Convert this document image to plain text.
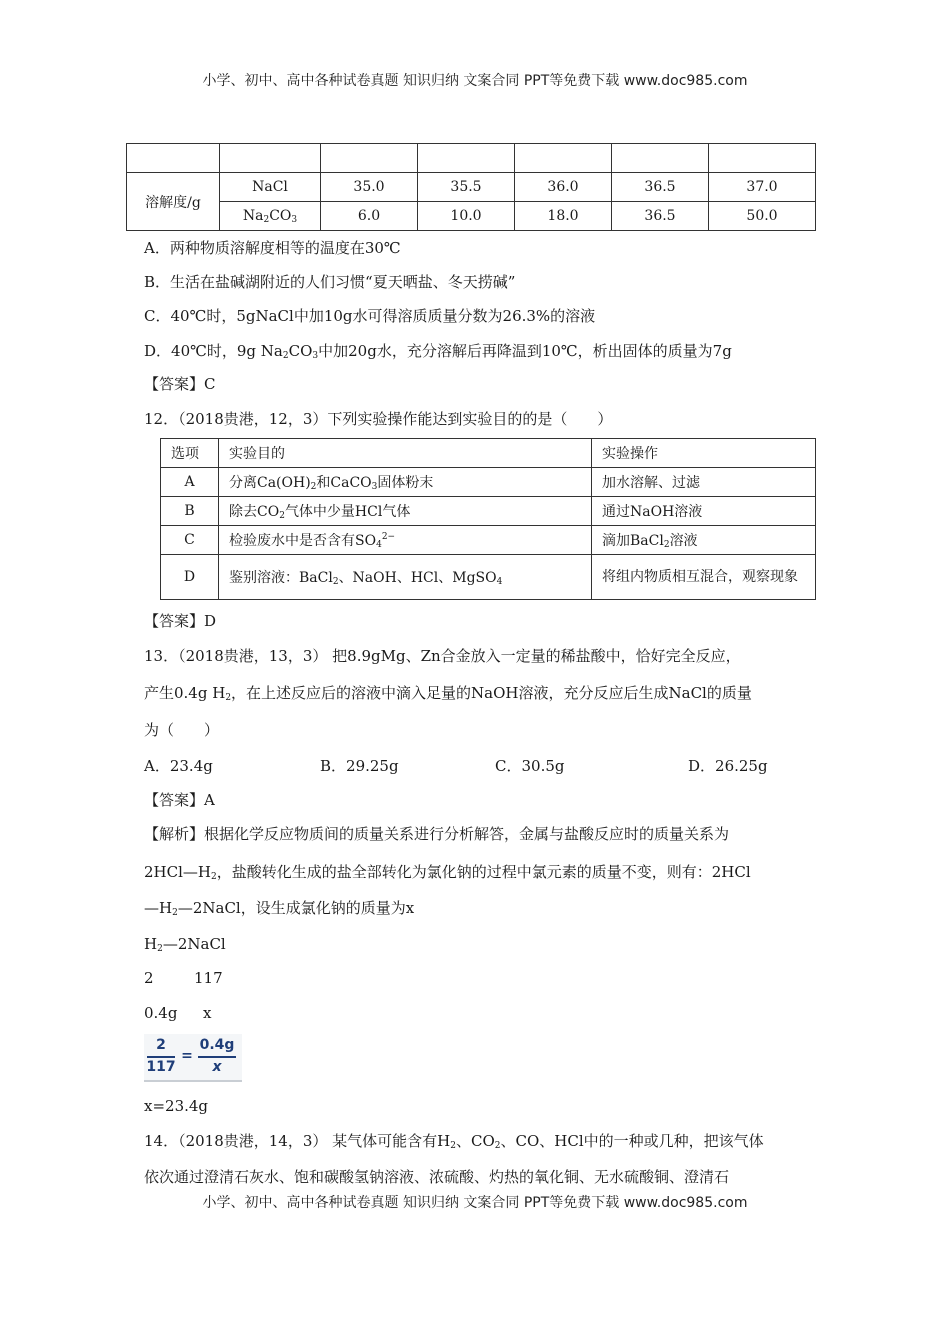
小学、初中、高中各种试卷真题 知识归纳 文案合同 PPT等免费下载 www.doc985.com

溶解度/g	NaCl	35.0	35.5	36.0	36.5	37.0
	$Na_2CO_3$	6.0	10.0	18.0	36.5	50.0
A．两种物质溶解度相等的温度在30℃
B．生活在盐碱湖附近的人们习惯“夏天晒盐、冬天捞碱”
C．40℃时，5gNaCl中加10g水可得溶质质量分数为26.3%的溶液
D．40℃时，9g $Na_2CO_3$中加20g水，充分溶解后再降温到10℃，析出固体的质量为7g
【答案】C
12．（2018贵港，12，3）下列实验操作能达到实验目的的是（　　）
选项	实验目的	实验操作
A	分离$Ca(OH)_2$和CaCO$_3$固体粉末	加水溶解、过滤
B	除去$CO_2$气体中少量HCl气体	通过NaOH溶液
C	检验废水中是否含有$SO_4^{2-}$	滴加BaCl$_2$溶液
D	鉴别溶液：BaCl$_2$、NaOH、HCl、MgSO$_4$	将组内物质相互混合，观察现象
【答案】D
13．（2018贵港，13，3） 把8.9gMg、Zn合金放入一定量的稀盐酸中，恰好完全反应，
产生0.4g $H_2$，在上述反应后的溶液中滴入足量的NaOH溶液，充分反应后生成NaCl的质量
为（　　）
A．23.4g	B．29.25g	C．30.5g	D．26.25g
【答案】A
【解析】根据化学反应物质间的质量关系进行分析解答，金属与盐酸反应时的质量关系为
$2HCl—H_2$，盐酸转化生成的盐全部转化为氯化钠的过程中氯元素的质量不变，则有：2HCl
$—H_2—2NaCl$，设生成氯化钠的质量为x
$H_2—2NaCl$
2	117
0.4g x
2
117
=
0.4g
x
x=23.4g
14．（2018贵港，14，3） 某气体可能含有$H_2$、$CO_2$、CO、HCl中的一种或几种，把该气体
依次通过澄清石灰水、饱和碳酸氢钠溶液、浓硫酸、灼热的氧化铜、无水硫酸铜、澄清石
小学、初中、高中各种试卷真题 知识归纳 文案合同 PPT等免费下载 www.doc985.com
